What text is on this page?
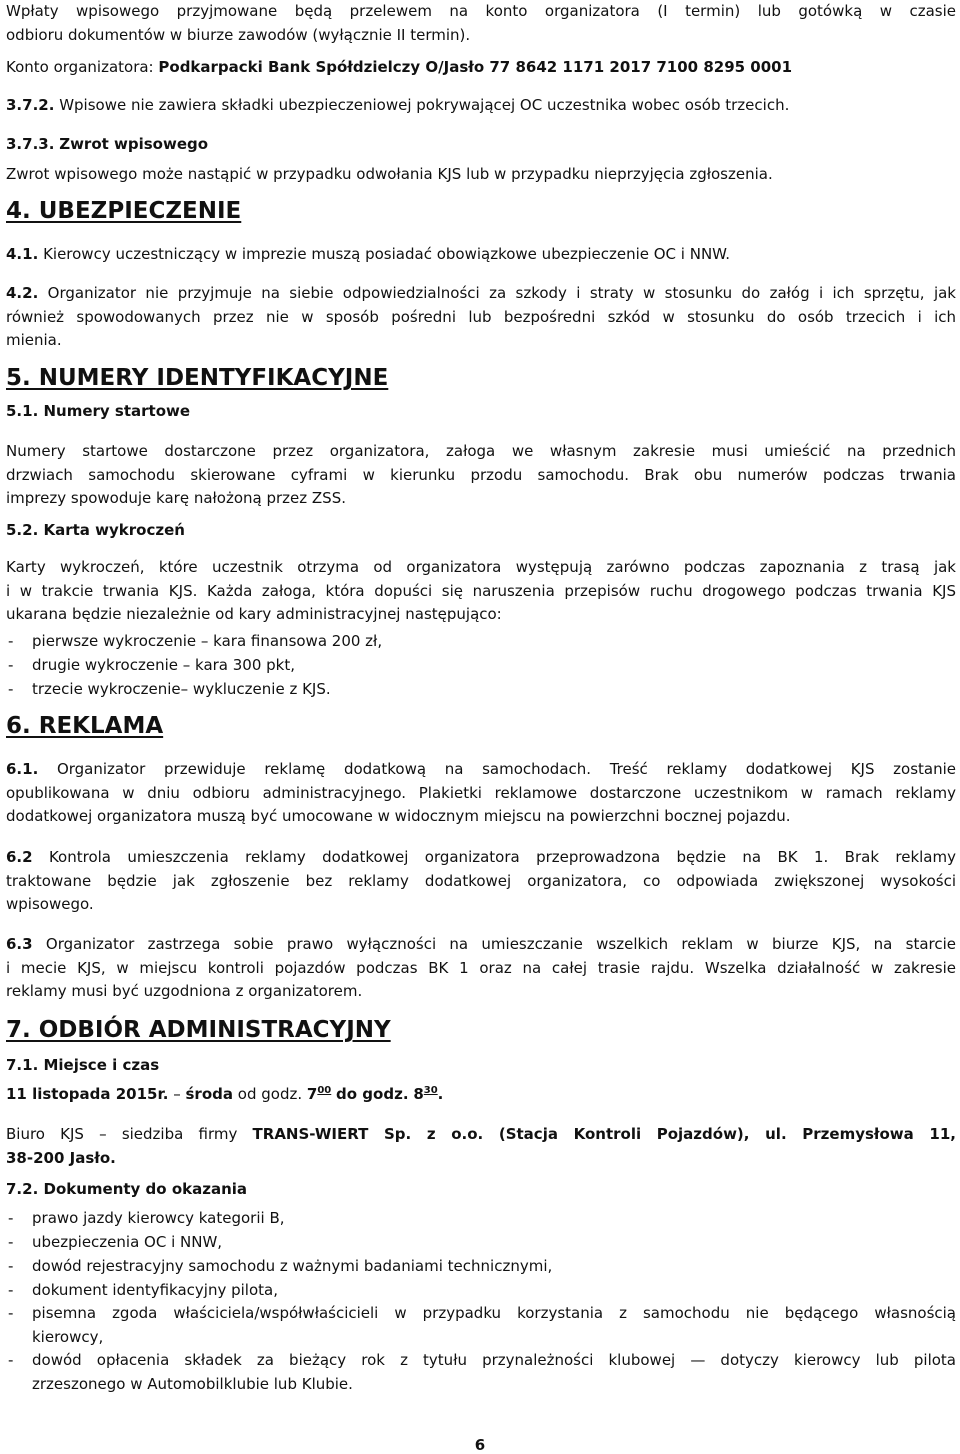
Wpłaty wpisowego przyjmowane będą przelewem na konto organizatora (I termin) lub gotówką w czasie
odbioru dokumentów w biurze zawodów (wyłącznie II termin).

Konto organizatora: Podkarpacki Bank Spółdzielczy O/Jasło 77 8642 1171 2017 7100 8295 0001

3.7.2. Wpisowe nie zawiera składki ubezpieczeniowej pokrywającej OC uczestnika wobec osób trzecich.

3.7.3. Zwrot wpisowego

Zwrot wpisowego może nastąpić w przypadku odwołania KJS lub w przypadku nieprzyjęcia zgłoszenia.

4. UBEZPIECZENIE

4.1. Kierowcy uczestniczący w imprezie muszą posiadać obowiązkowe ubezpieczenie OC i NNW.

4.2. Organizator nie przyjmuje na siebie odpowiedzialności za szkody i straty w stosunku do załóg i ich sprzętu, jak
również spowodowanych przez nie w sposób pośredni lub bezpośredni szkód w stosunku do osób trzecich i ich
mienia.

5. NUMERY IDENTYFIKACYJNE

5.1. Numery startowe

Numery startowe dostarczone przez organizatora, załoga we własnym zakresie musi umieścić na przednich
drzwiach samochodu skierowane cyframi w kierunku przodu samochodu. Brak obu numerów podczas trwania
imprezy spowoduje karę nałożoną przez ZSS.

5.2. Karta wykroczeń

Karty wykroczeń, które uczestnik otrzyma od organizatora występują zarówno podczas zapoznania z trasą jak
i w trakcie trwania KJS. Każda załoga, która dopuści się naruszenia przepisów ruchu drogowego podczas trwania KJS
ukarana będzie niezależnie od kary administracyjnej następująco:

- pierwsze wykroczenie – kara finansowa 200 zł,
- drugie wykroczenie – kara 300 pkt,
- trzecie wykroczenie– wykluczenie z KJS.
6. REKLAMA

6.1. Organizator przewiduje reklamę dodatkową na samochodach. Treść reklamy dodatkowej KJS zostanie
opublikowana w dniu odbioru administracyjnego. Plakietki reklamowe dostarczone uczestnikom w ramach reklamy
dodatkowej organizatora muszą być umocowane w widocznym miejscu na powierzchni bocznej pojazdu.

6.2 Kontrola umieszczenia reklamy dodatkowej organizatora przeprowadzona będzie na BK 1. Brak reklamy
traktowane będzie jak zgłoszenie bez reklamy dodatkowej organizatora, co odpowiada zwiększonej wysokości
wpisowego.

6.3 Organizator zastrzega sobie prawo wyłączności na umieszczanie wszelkich reklam w biurze KJS, na starcie
i mecie KJS, w miejscu kontroli pojazdów podczas BK 1 oraz na całej trasie rajdu. Wszelka działalność w zakresie
reklamy musi być uzgodniona z organizatorem.

7. ODBIÓR ADMINISTRACYJNY

7.1. Miejsce i czas

11 listopada 2015r. – środa od godz. $7^{00}$ do godz. $8^{30}$.

Biuro KJS – siedziba firmy TRANS-WIERT Sp. z o.o. (Stacja Kontroli Pojazdów), ul. Przemysłowa 11,
38-200 Jasło.

7.2. Dokumenty do okazania

- prawo jazdy kierowcy kategorii B,
- ubezpieczenia OC i NNW,
- dowód rejestracyjny samochodu z ważnymi badaniami technicznymi,
- dokument identyfikacyjny pilota,
- pisemna zgoda właściciela/współwłaścicieli w przypadku korzystania z samochodu nie będącego własnością
kierowcy,
- dowód opłacenia składek za bieżący rok z tytułu przynależności klubowej — dotyczy kierowcy lub pilota
zrzeszonego w Automobilklubie lub Klubie.
6
